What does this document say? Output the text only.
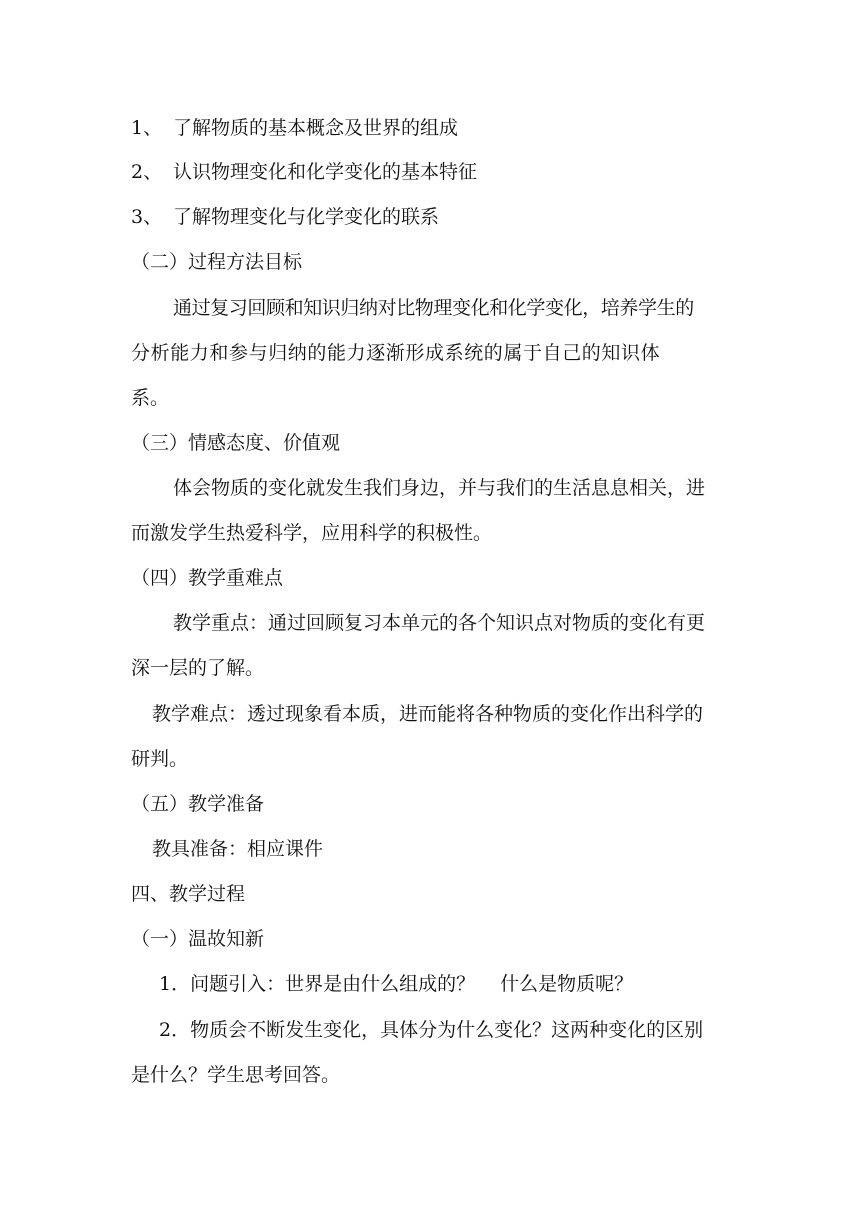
1、 了解物质的基本概念及世界的组成
2、 认识物理变化和化学变化的基本特征
3、 了解物理变化与化学变化的联系
（二）过程方法目标
通过复习回顾和知识归纳对比物理变化和化学变化，培养学生的
分析能力和参与归纳的能力逐渐形成系统的属于自己的知识体
系。
（三）情感态度、价值观
体会物质的变化就发生我们身边，并与我们的生活息息相关，进
而激发学生热爱科学，应用科学的积极性。
（四）教学重难点
教学重点：通过回顾复习本单元的各个知识点对物质的变化有更
深一层的了解。
教学难点：透过现象看本质，进而能将各种物质的变化作出科学的
研判。
（五）教学准备
教具准备：相应课件
四、教学过程
（一）温故知新
1．问题引入：世界是由什么组成的？　 什么是物质呢？
2．物质会不断发生变化，具体分为什么变化？这两种变化的区别
是什么？学生思考回答。
